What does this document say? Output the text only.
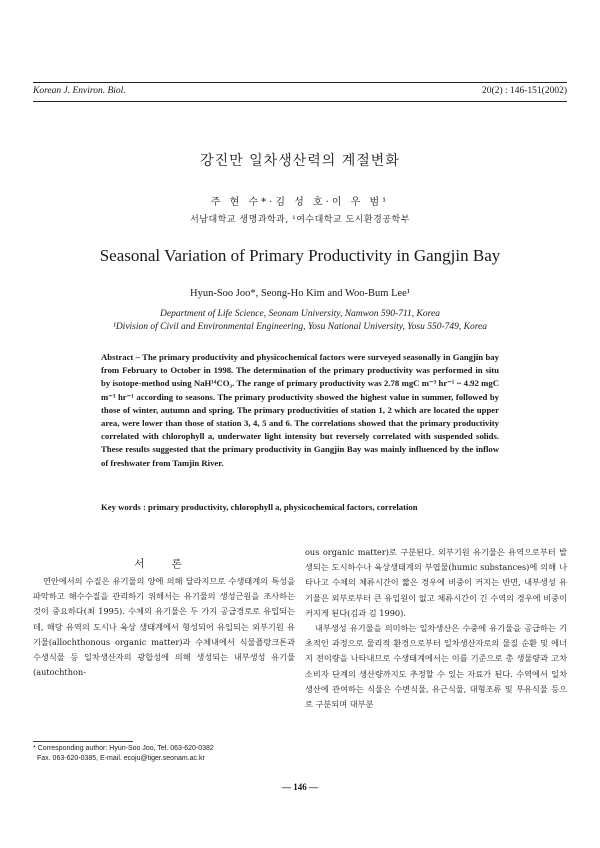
Korean J. Environ. Biol.	20(2) : 146-151(2002)
강진만 일차생산력의 계절변화
주 현 수*·김 성 호·이 우 범¹
서남대학교 생명과학과, ¹여수대학교 도시환경공학부
Seasonal Variation of Primary Productivity in Gangjin Bay
Hyun-Soo Joo*, Seong-Ho Kim and Woo-Bum Lee¹
Department of Life Science, Seonam University, Namwon 590-711, Korea
¹Division of Civil and Environmental Engineering, Yosu National University, Yosu 550-749, Korea
Abstract – The primary productivity and physicochemical factors were surveyed seasonally in Gangjin bay from February to October in 1998. The determination of the primary productivity was performed in situ by isotope-method using NaH¹⁴CO₃. The range of primary productivity was 2.78 mgC m⁻³ hr⁻¹ ~ 4.92 mgC m⁻³ hr⁻¹ according to seasons. The primary productivity showed the highest value in summer, followed by those of winter, autumn and spring. The primary productivities of station 1, 2 which are located the upper area, were lower than those of station 3, 4, 5 and 6. The correlations showed that the primary productivity correlated with chlorophyll a, underwater light intensity but reversely correlated with suspended solids. These results suggested that the primary productivity in Gangjin Bay was mainly influenced by the inflow of freshwater from Tamjin River.
Key words : primary productivity, chlorophyll a, physicochemical factors, correlation
서 론

연안에서의 수질은 유기물의 양에 의해 달라지므로 수생태계의 특성을 파악하고 해수수질을 관리하기 위해서는 유기물의 생성근원을 조사하는 것이 중요하다(최 1995). 수체의 유기물은 두 가지 공급경로로 유입되는데, 해당 유역의 도시나 육상 생태계에서 형성되어 유입되는 외부기원 유기물(allochthonous organic matter)과 수체내에서 식물플랑크톤과 수생식물 등 일차생산자의 광합성에 의해 생성되는 내부생성 유기물(autochthon-

ous organic matter)로 구분된다. 외부기원 유기물은 유역으로부터 발생되는 도시하수나 육상생태계의 부엽물(humic substances)에 의해 나타나고 수체의 체류시간이 짧은 경우에 비중이 커지는 반면, 내부생성 유기물은 외부로부터 큰 유입원이 없고 체류시간이 긴 수역의 경우에 비중이 커지게 된다(김과 김 1990).

내부생성 유기물을 의미하는 일차생산은 수중에 유기물을 공급하는 기초적인 과정으로 물리적 환경으로부터 일차생산자로의 물질 순환 및 에너지 전이량을 나타내므로 수생태계에서는 이를 기준으로 총 생물량과 고차소비자 단계의 생산량까지도 추정할 수 있는 자료가 된다. 수역에서 일차생산에 관여하는 식물은 수변식물, 유근식물, 대형조류 및 부유식물 등으로 구분되며 대부분

* Corresponding author: Hyun-Soo Joo, Tel. 063-620-0382
Fax. 063-620-0385, E-mail. ecoju@tiger.seonam.ac.kr
— 146 —
